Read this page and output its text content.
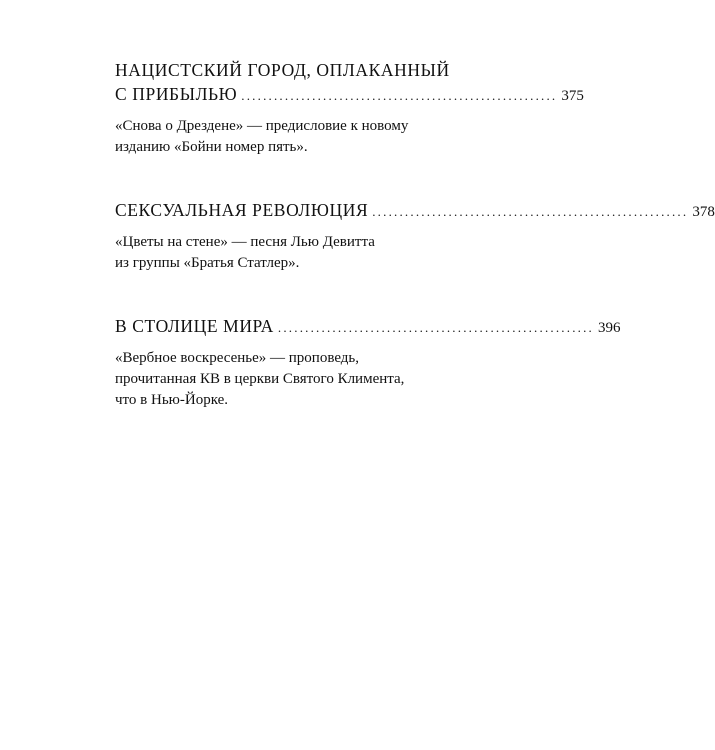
НАЦИСТСКИЙ ГОРОД, ОПЛАКАННЫЙ
С ПРИБЫЛЬЮ .......................................................... 375
«Снова о Дрездене» — предисловие к новому
изданию «Бойни номер пять».
СЕКСУАЛЬНАЯ РЕВОЛЮЦИЯ .......................................................... 378
«Цветы на стене» — песня Лью Девитта
из группы «Братья Статлер».
В СТОЛИЦЕ МИРА .......................................................... 396
«Вербное воскресенье» — проповедь,
прочитанная КВ в церкви Святого Климента,
что в Нью-Йорке.
